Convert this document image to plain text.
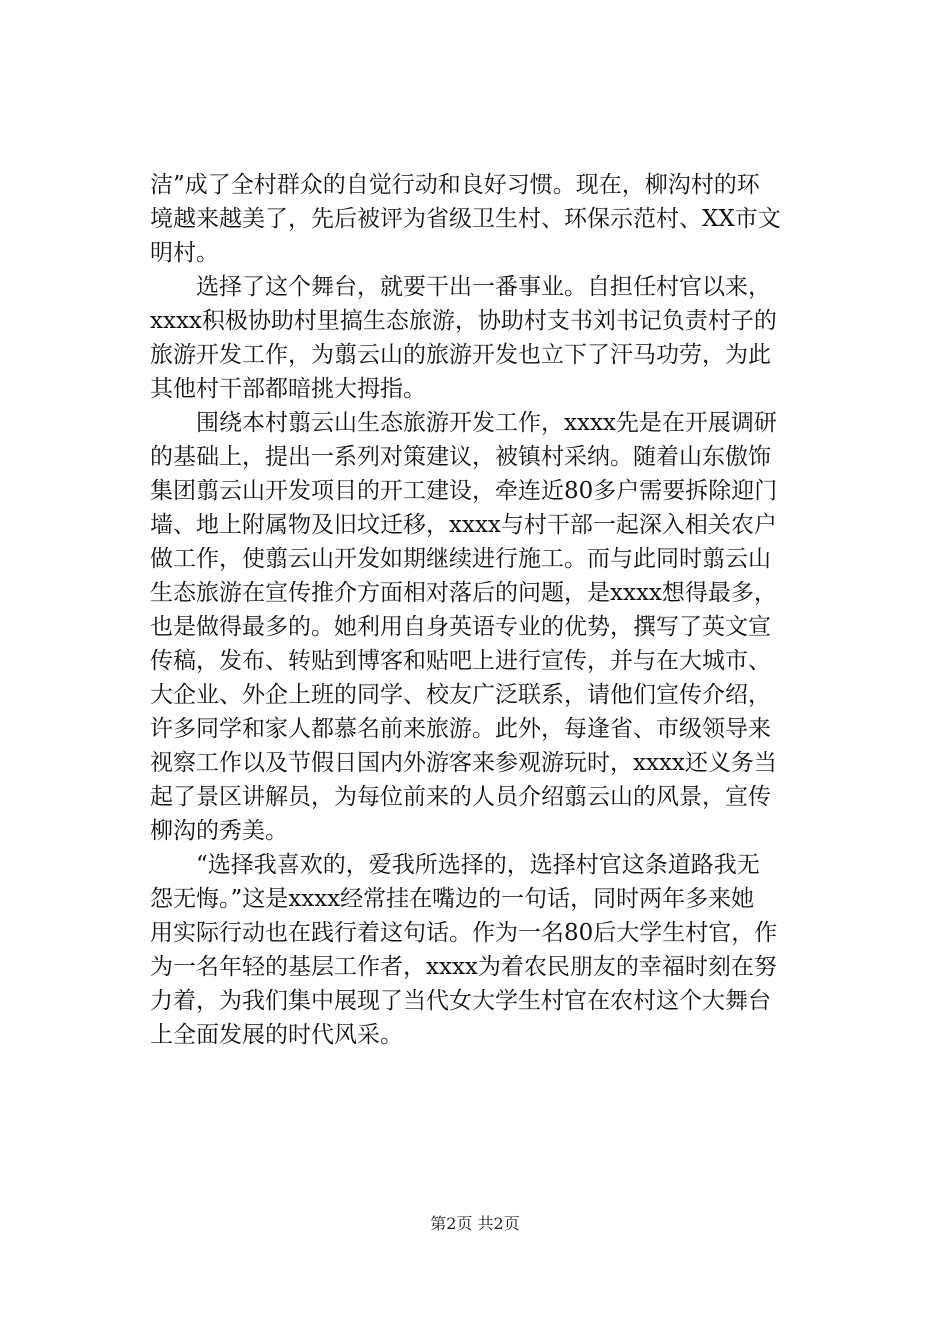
洁”成了全村群众的自觉行动和良好习惯。现在，柳沟村的环
境越来越美了，先后被评为省级卫生村、环保示范村、XX市文
明村。
选择了这个舞台，就要干出一番事业。自担任村官以来，
xxxx积极协助村里搞生态旅游，协助村支书刘书记负责村子的
旅游开发工作，为翦云山的旅游开发也立下了汗马功劳，为此
其他村干部都暗挑大拇指。
围绕本村翦云山生态旅游开发工作，xxxx先是在开展调研
的基础上，提出一系列对策建议，被镇村采纳。随着山东傲饰
集团翦云山开发项目的开工建设，牵连近80多户需要拆除迎门
墙、地上附属物及旧坟迁移，xxxx与村干部一起深入相关农户
做工作，使翦云山开发如期继续进行施工。而与此同时翦云山
生态旅游在宣传推介方面相对落后的问题，是xxxx想得最多，
也是做得最多的。她利用自身英语专业的优势，撰写了英文宣
传稿，发布、转贴到博客和贴吧上进行宣传，并与在大城市、
大企业、外企上班的同学、校友广泛联系，请他们宣传介绍，
许多同学和家人都慕名前来旅游。此外，每逢省、市级领导来
视察工作以及节假日国内外游客来参观游玩时，xxxx还义务当
起了景区讲解员，为每位前来的人员介绍翦云山的风景，宣传
柳沟的秀美。
“选择我喜欢的，爱我所选择的，选择村官这条道路我无
怨无悔。”这是xxxx经常挂在嘴边的一句话，同时两年多来她
用实际行动也在践行着这句话。作为一名80后大学生村官，作
为一名年轻的基层工作者，xxxx为着农民朋友的幸福时刻在努
力着，为我们集中展现了当代女大学生村官在农村这个大舞台
上全面发展的时代风采。
第2页 共2页
